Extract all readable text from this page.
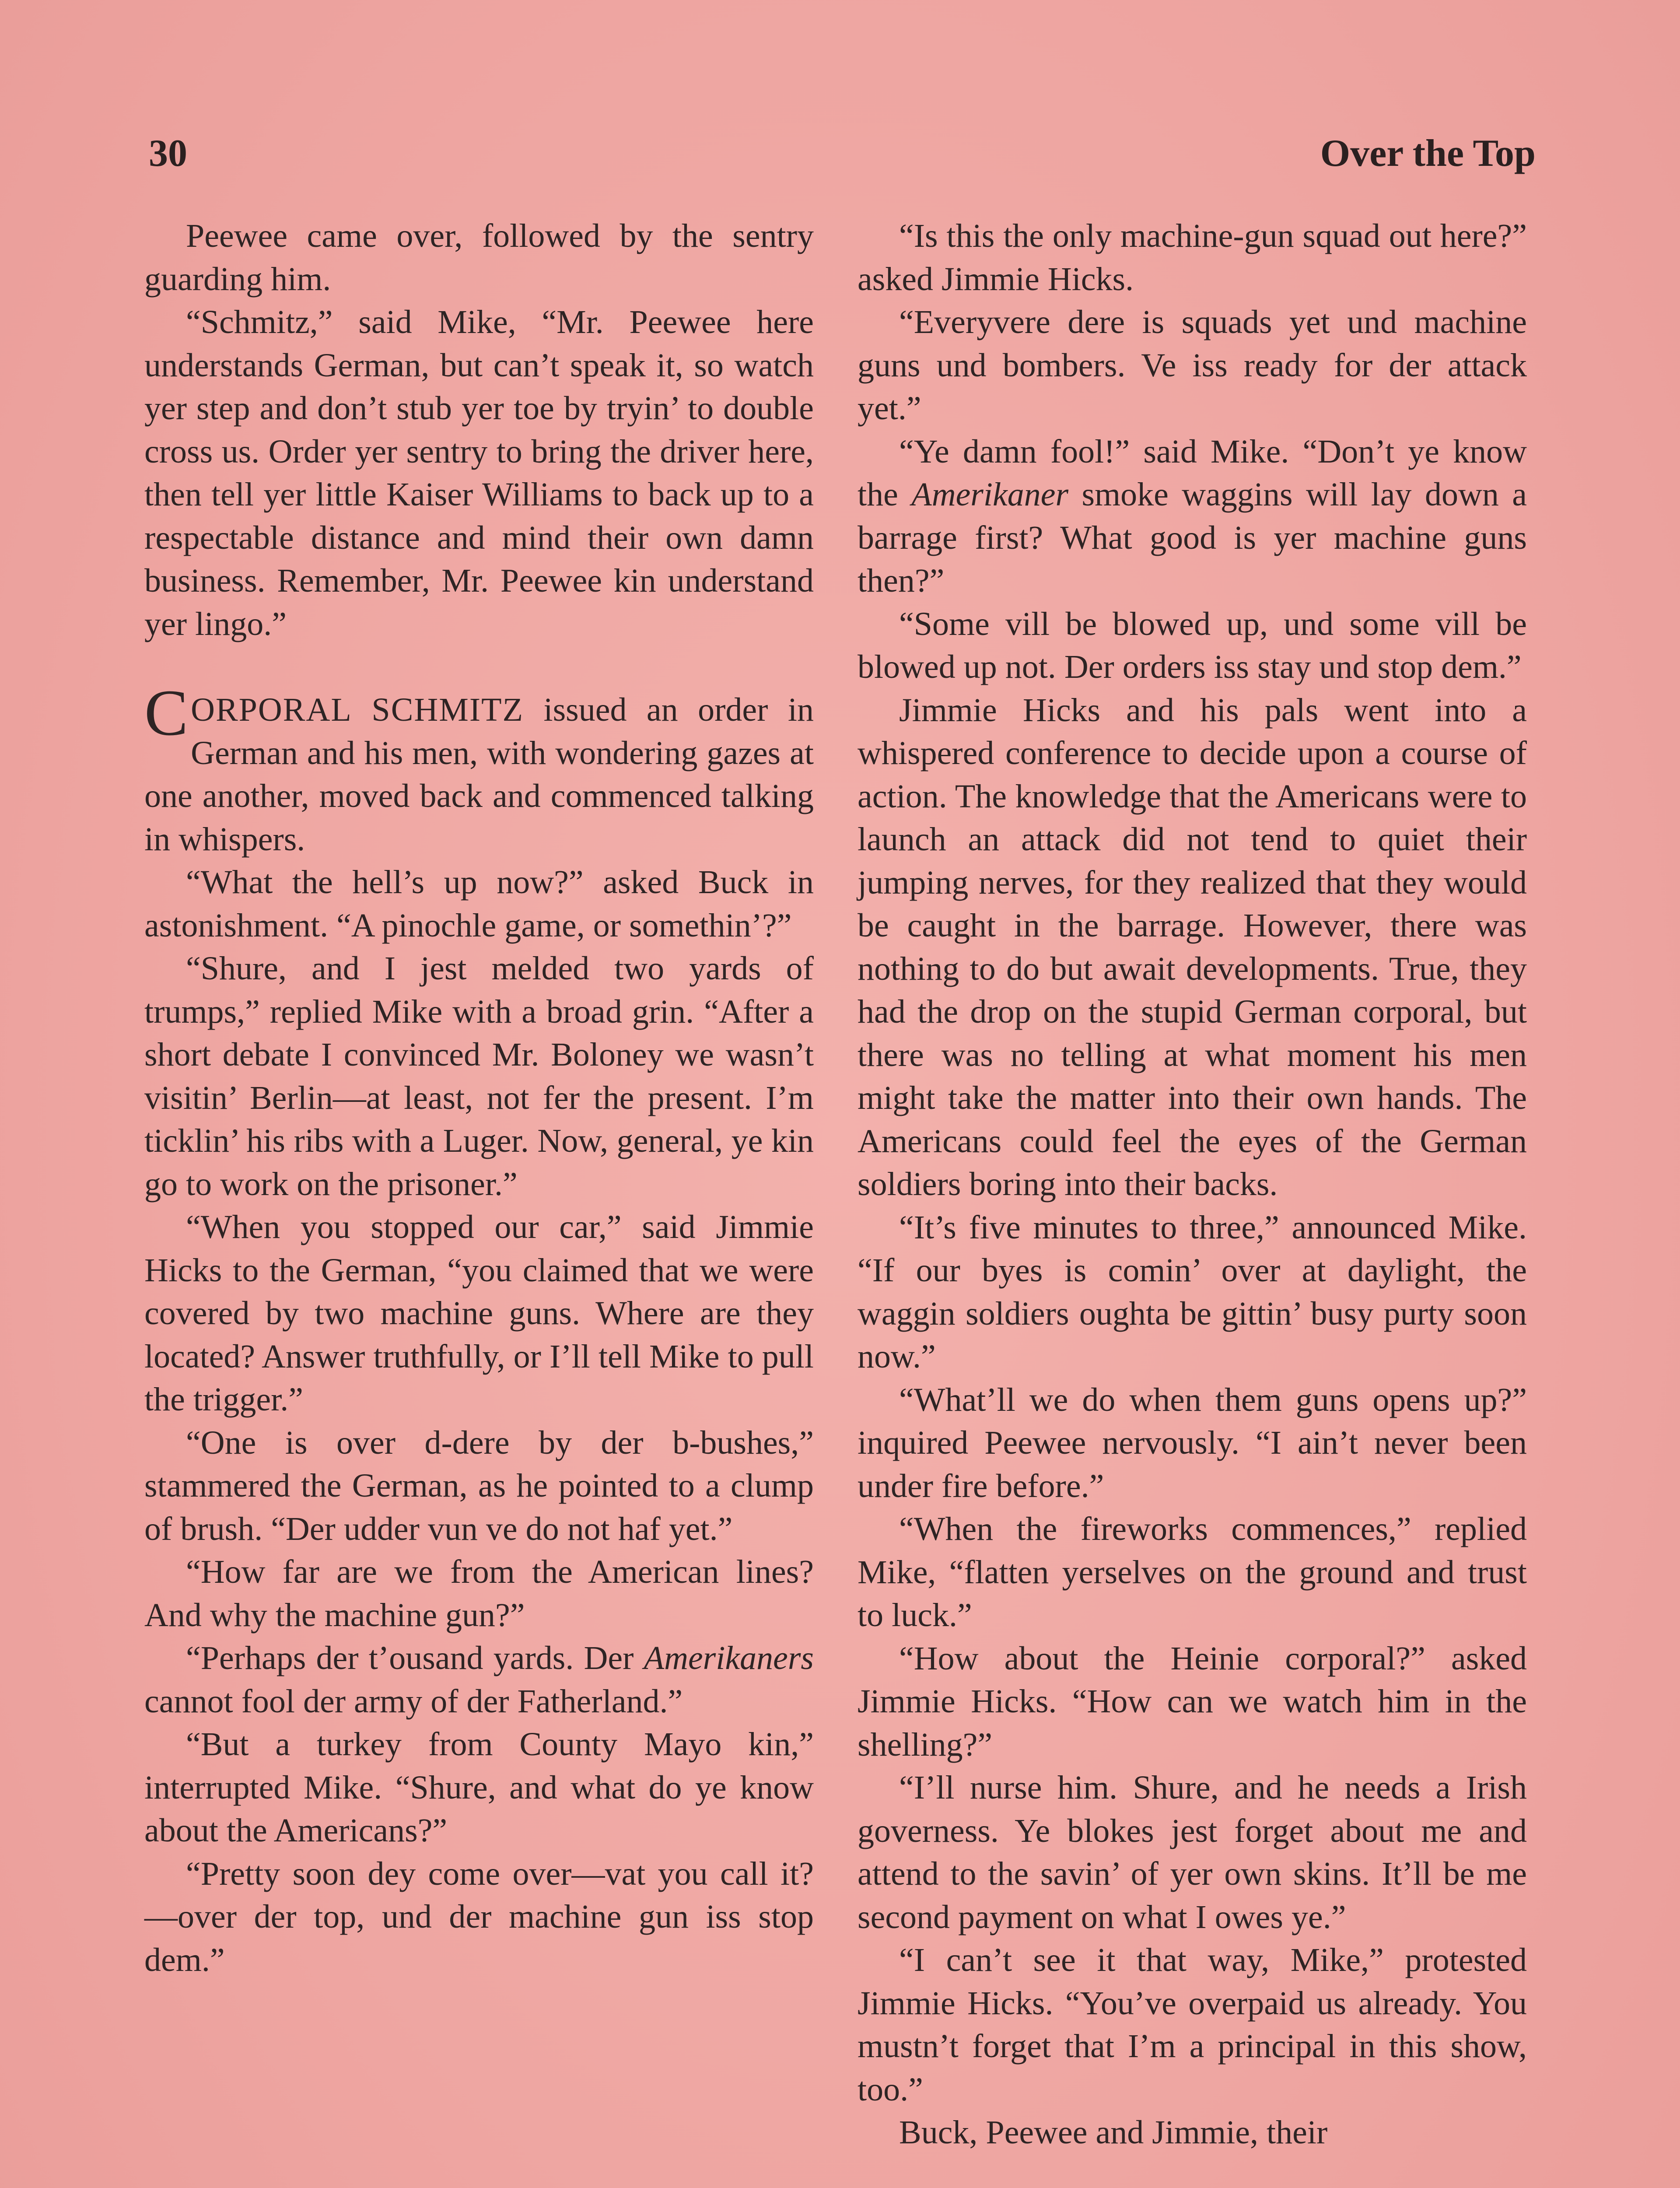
30	Over the Top

Peewee came over, followed by the sentry guarding him.

“Schmitz,” said Mike, “Mr. Peewee here understands German, but can’t speak it, so watch yer step and don’t stub yer toe by tryin’ to double cross us. Order yer sentry to bring the driver here, then tell yer little Kaiser Williams to back up to a respectable distance and mind their own damn business. Remember, Mr. Peewee kin understand yer lingo.”

CORPORAL SCHMITZ issued an order in German and his men, with wondering gazes at one another, moved back and commenced talking in whispers.

“What the hell’s up now?” asked Buck in astonishment. “A pinochle game, or somethin’?”

“Shure, and I jest melded two yards of trumps,” replied Mike with a broad grin. “After a short debate I convinced Mr. Boloney we wasn’t visitin’ Berlin—at least, not fer the present. I’m ticklin’ his ribs with a Luger. Now, general, ye kin go to work on the prisoner.”

“When you stopped our car,” said Jimmie Hicks to the German, “you claimed that we were covered by two machine guns. Where are they located? Answer truthfully, or I’ll tell Mike to pull the trigger.”

“One is over d-dere by der b-bushes,” stammered the German, as he pointed to a clump of brush. “Der udder vun ve do not haf yet.”

“How far are we from the American lines? And why the machine gun?”

“Perhaps der t’ousand yards. Der Amerikaners cannot fool der army of der Fatherland.”

“But a turkey from County Mayo kin,” interrupted Mike. “Shure, and what do ye know about the Americans?”

“Pretty soon dey come over—vat you call it?—over der top, und der machine gun iss stop dem.”

“Is this the only machine-gun squad out here?” asked Jimmie Hicks.

“Everyvere dere is squads yet und machine guns und bombers. Ve iss ready for der attack yet.”

“Ye damn fool!” said Mike. “Don’t ye know the Amerikaner smoke waggins will lay down a barrage first? What good is yer machine guns then?”

“Some vill be blowed up, und some vill be blowed up not. Der orders iss stay und stop dem.”

Jimmie Hicks and his pals went into a whispered conference to decide upon a course of action. The knowledge that the Americans were to launch an attack did not tend to quiet their jumping nerves, for they realized that they would be caught in the barrage. However, there was nothing to do but await developments. True, they had the drop on the stupid German corporal, but there was no telling at what moment his men might take the matter into their own hands. The Americans could feel the eyes of the German soldiers boring into their backs.

“It’s five minutes to three,” announced Mike. “If our byes is comin’ over at daylight, the waggin soldiers oughta be gittin’ busy purty soon now.”

“What’ll we do when them guns opens up?” inquired Peewee nervously. “I ain’t never been under fire before.”

“When the fireworks commences,” replied Mike, “flatten yerselves on the ground and trust to luck.”

“How about the Heinie corporal?” asked Jimmie Hicks. “How can we watch him in the shelling?”

“I’ll nurse him. Shure, and he needs a Irish governess. Ye blokes jest forget about me and attend to the savin’ of yer own skins. It’ll be me second payment on what I owes ye.”

“I can’t see it that way, Mike,” protested Jimmie Hicks. “You’ve overpaid us already. You mustn’t forget that I’m a principal in this show, too.”

Buck, Peewee and Jimmie, their
